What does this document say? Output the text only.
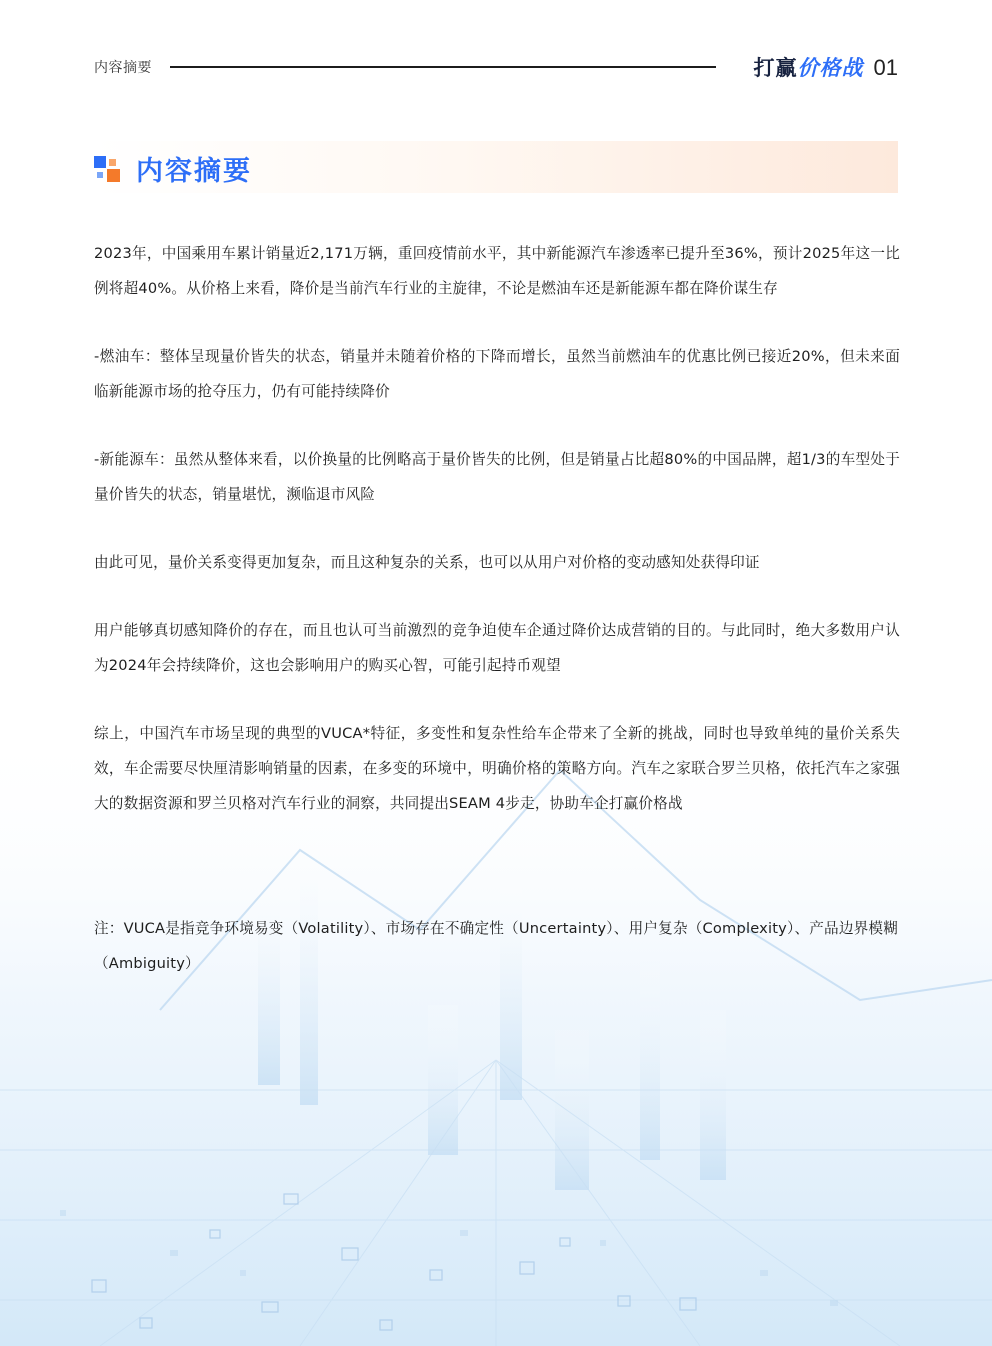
内容摘要	打赢 价格战 01
内容摘要

2023年，中国乘用车累计销量近2,171万辆，重回疫情前水平，其中新能源汽车渗透率已提升至36%，预计2025年这一比例将超40%。从价格上来看，降价是当前汽车行业的主旋律，不论是燃油车还是新能源车都在降价谋生存

-燃油车：整体呈现量价皆失的状态，销量并未随着价格的下降而增长，虽然当前燃油车的优惠比例已接近20%，但未来面临新能源市场的抢夺压力，仍有可能持续降价

-新能源车：虽然从整体来看，以价换量的比例略高于量价皆失的比例，但是销量占比超80%的中国品牌，超1/3的车型处于量价皆失的状态，销量堪忧，濒临退市风险

由此可见，量价关系变得更加复杂，而且这种复杂的关系，也可以从用户对价格的变动感知处获得印证

用户能够真切感知降价的存在，而且也认可当前激烈的竞争迫使车企通过降价达成营销的目的。与此同时，绝大多数用户认为2024年会持续降价，这也会影响用户的购买心智，可能引起持币观望

综上，中国汽车市场呈现的典型的VUCA*特征，多变性和复杂性给车企带来了全新的挑战，同时也导致单纯的量价关系失效，车企需要尽快厘清影响销量的因素，在多变的环境中，明确价格的策略方向。汽车之家联合罗兰贝格，依托汽车之家强大的数据资源和罗兰贝格对汽车行业的洞察，共同提出SEAM 4步走，协助车企打赢价格战

注：VUCA是指竞争环境易变（Volatility）、市场存在不确定性（Uncertainty）、用户复杂（Complexity）、产品边界模糊（Ambiguity）
